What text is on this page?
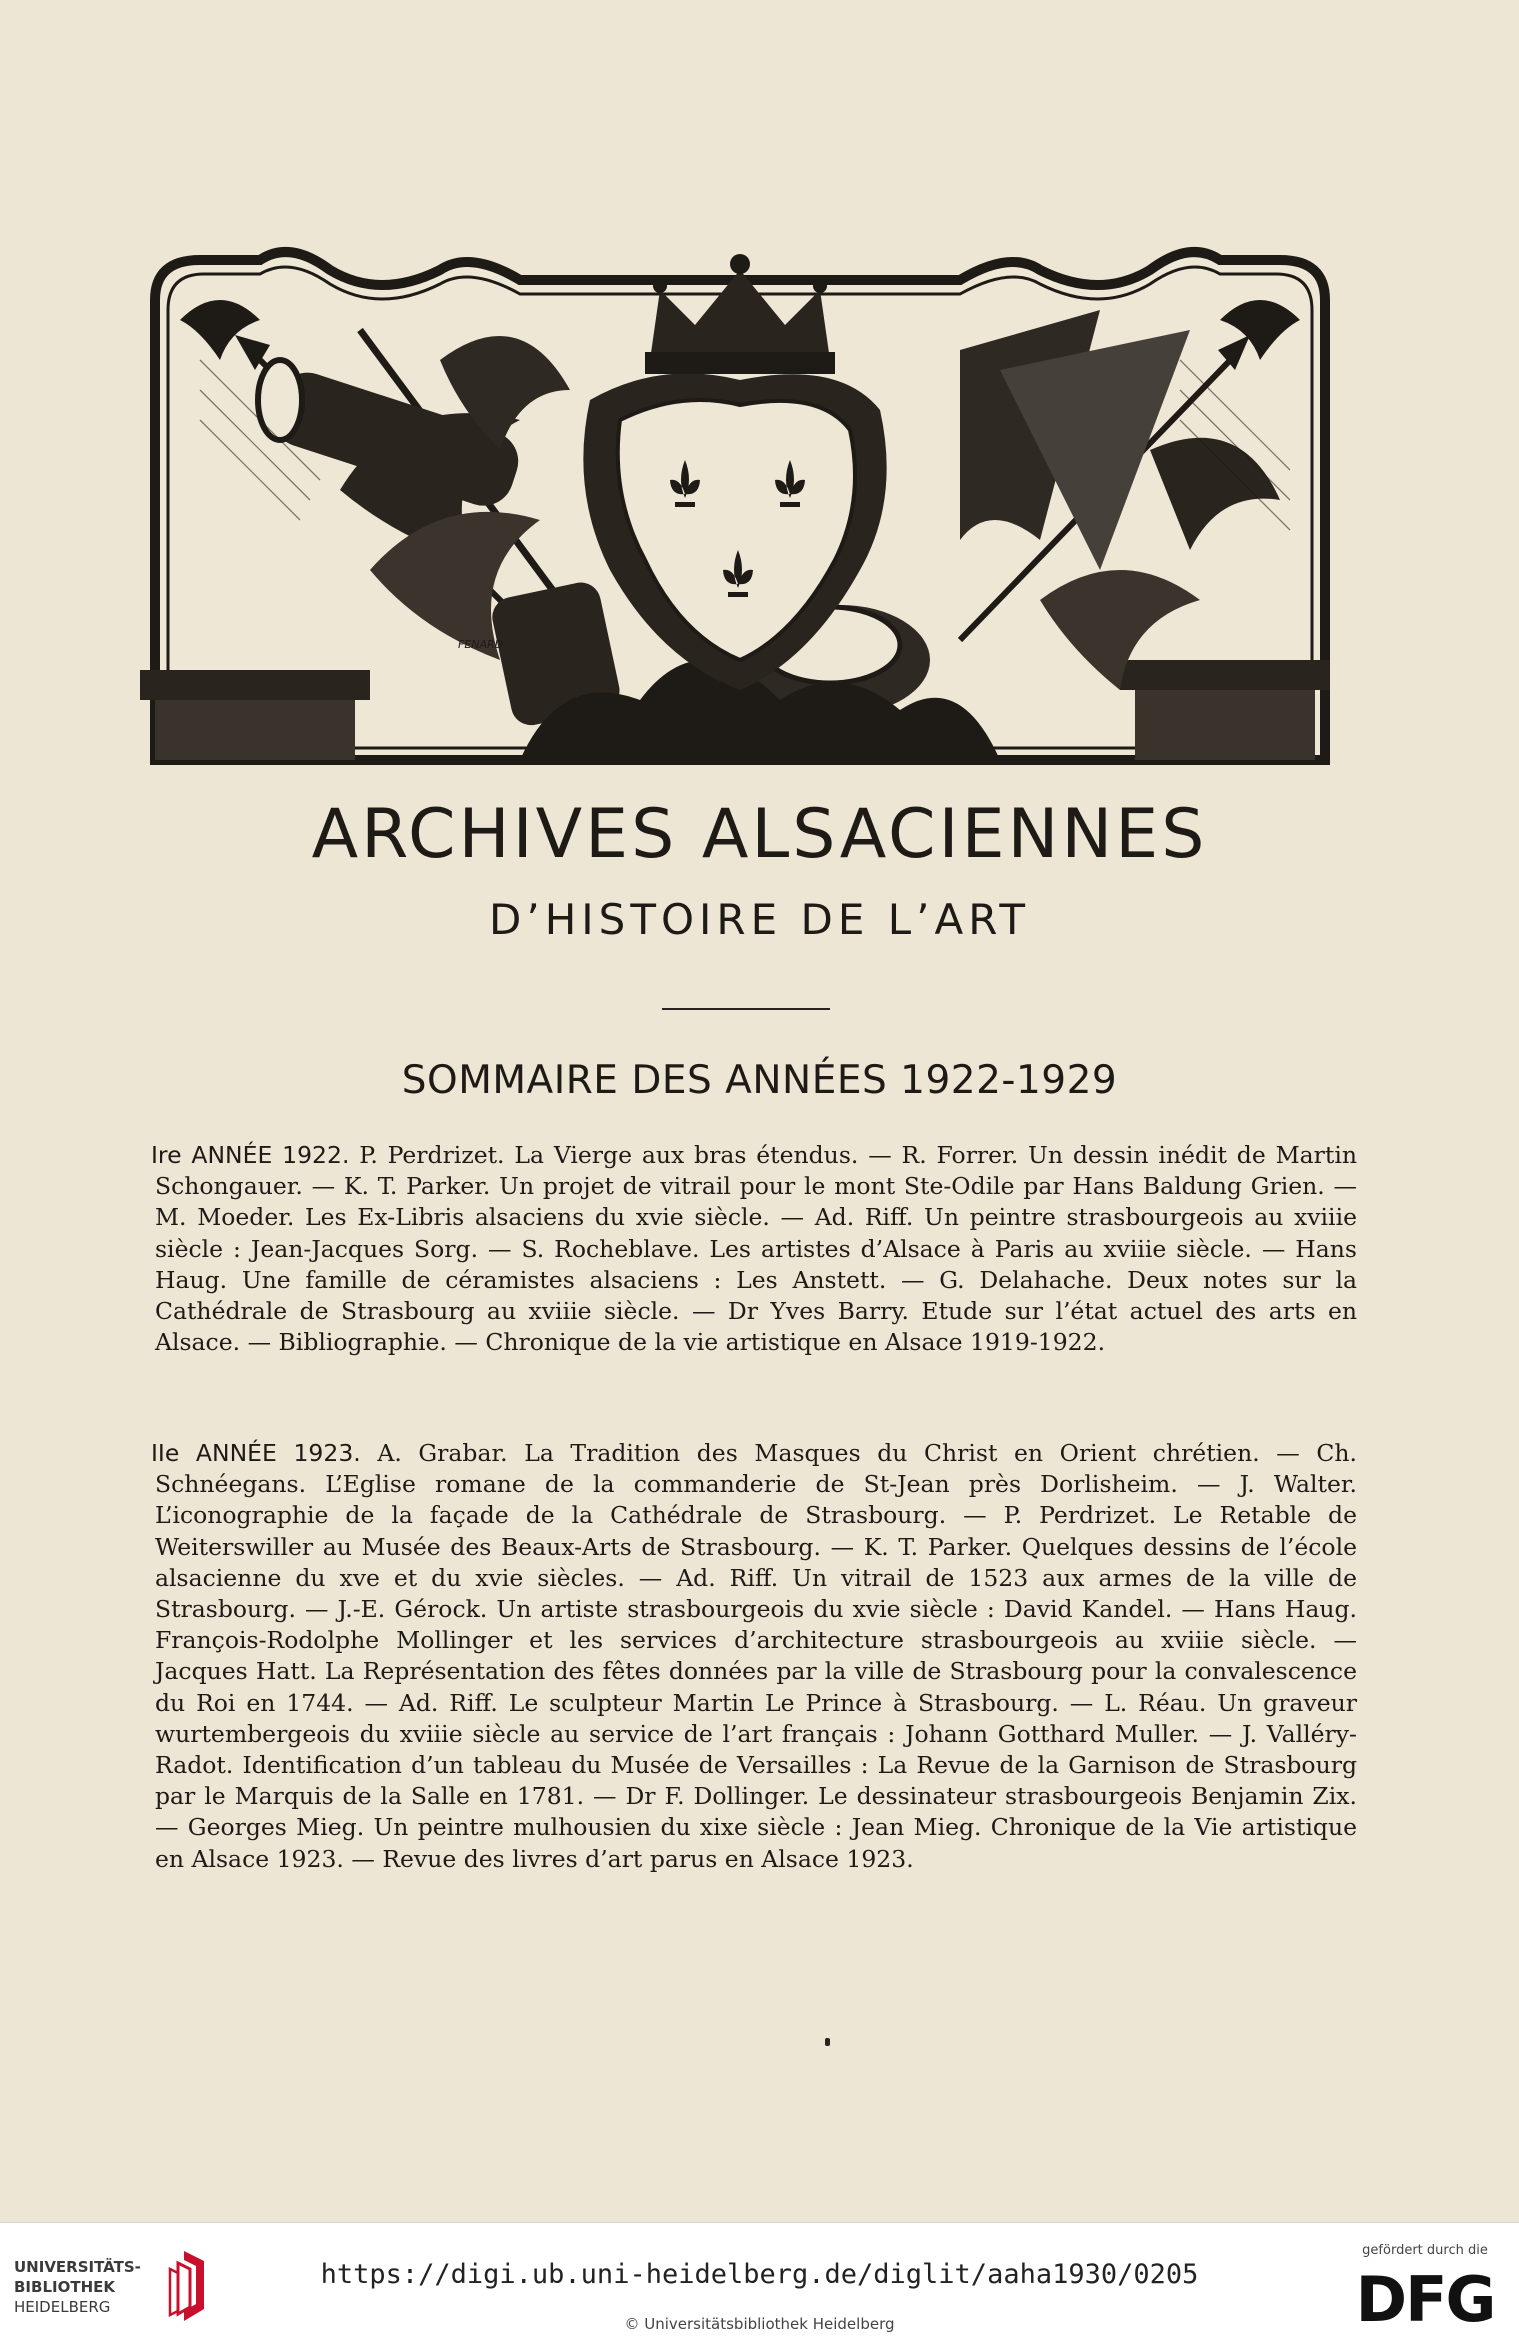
FENARD
ARCHIVES ALSACIENNES
D’HISTOIRE DE L’ART
SOMMAIRE DES ANNÉES 1922-1929
Ire ANNÉE 1922. P. Perdrizet. La Vierge aux bras étendus. — R. Forrer. Un dessin inédit de Martin Schongauer. — K. T. Parker. Un projet de vitrail pour le mont Ste-Odile par Hans Baldung Grien. — M. Moeder. Les Ex-Libris alsaciens du xvie siècle. — Ad. Riff. Un peintre strasbourgeois au xviiie siècle : Jean-Jacques Sorg. — S. Rocheblave. Les artistes d’Alsace à Paris au xviiie siècle. — Hans Haug. Une famille de céramistes alsaciens : Les Anstett. — G. Delahache. Deux notes sur la Cathédrale de Strasbourg au xviiie siècle. — Dr Yves Barry. Etude sur l’état actuel des arts en Alsace. — Bibliographie. — Chronique de la vie artistique en Alsace 1919-1922.
IIe ANNÉE 1923. A. Grabar. La Tradition des Masques du Christ en Orient chrétien. — Ch. Schnéegans. L’Eglise romane de la commanderie de St-Jean près Dorlisheim. — J. Walter. L’iconographie de la façade de la Cathédrale de Strasbourg. — P. Perdrizet. Le Retable de Weiterswiller au Musée des Beaux-Arts de Strasbourg. — K. T. Parker. Quelques dessins de l’école alsacienne du xve et du xvie siècles. — Ad. Riff. Un vitrail de 1523 aux armes de la ville de Strasbourg. — J.-E. Gérock. Un artiste strasbourgeois du xvie siècle : David Kandel. — Hans Haug. François-Rodolphe Mollinger et les services d’architecture strasbourgeois au xviiie siècle. — Jacques Hatt. La Représentation des fêtes données par la ville de Strasbourg pour la convalescence du Roi en 1744. — Ad. Riff. Le sculpteur Martin Le Prince à Strasbourg. — L. Réau. Un graveur wurtembergeois du xviiie siècle au service de l’art français : Johann Gotthard Muller. — J. Valléry-Radot. Identification d’un tableau du Musée de Versailles : La Revue de la Garnison de Strasbourg par le Marquis de la Salle en 1781. — Dr F. Dollinger. Le dessinateur strasbourgeois Benjamin Zix. — Georges Mieg. Un peintre mulhousien du xixe siècle : Jean Mieg. Chronique de la Vie artistique en Alsace 1923. — Revue des livres d’art parus en Alsace 1923.
UNIVERSITÄTS-
BIBLIOTHEK
HEIDELBERG
https://digi.ub.uni-heidelberg.de/diglit/aaha1930/0205
© Universitätsbibliothek Heidelberg
gefördert durch die
DFG
